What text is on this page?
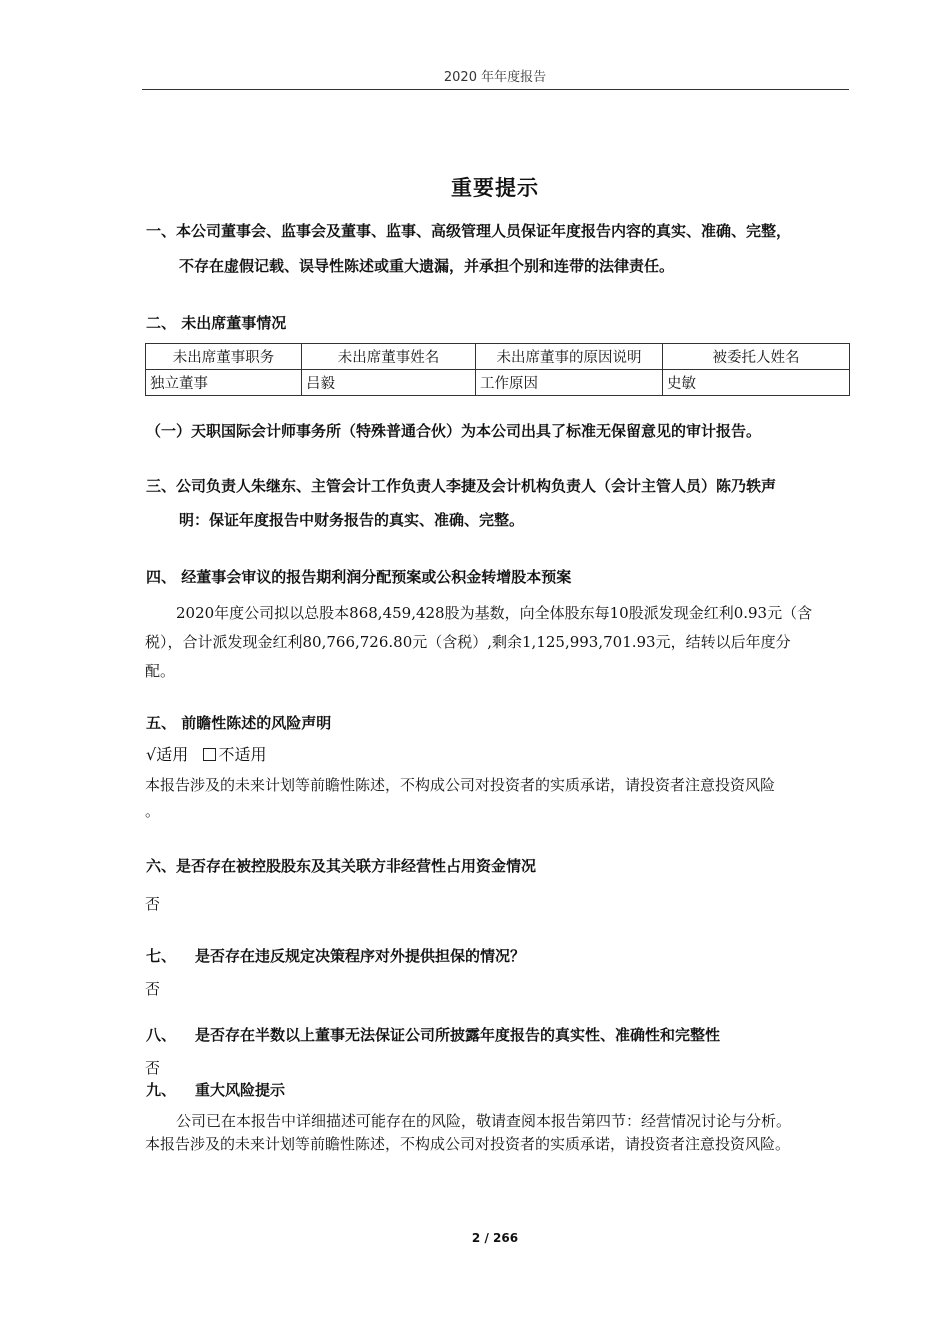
2020 年年度报告
重要提示
一、本公司董事会、监事会及董事、监事、高级管理人员保证年度报告内容的真实、准确、完整，
不存在虚假记载、误导性陈述或重大遗漏，并承担个别和连带的法律责任。
二、 未出席董事情况
未出席董事职务	未出席董事姓名	未出席董事的原因说明	被委托人姓名
独立董事	吕毅	工作原因	史敏
（一）天职国际会计师事务所（特殊普通合伙）为本公司出具了标准无保留意见的审计报告。
三、公司负责人朱继东、主管会计工作负责人李捷及会计机构负责人（会计主管人员）陈乃轶声
明：保证年度报告中财务报告的真实、准确、完整。
四、 经董事会审议的报告期利润分配预案或公积金转增股本预案
2020年度公司拟以总股本868,459,428股为基数，向全体股东每10股派发现金红利0.93元（含
税），合计派发现金红利80,766,726.80元（含税）,剩余1,125,993,701.93元，结转以后年度分
配。
五、 前瞻性陈述的风险声明
√适用 不适用
本报告涉及的未来计划等前瞻性陈述，不构成公司对投资者的实质承诺，请投资者注意投资风险
。
六、是否存在被控股股东及其关联方非经营性占用资金情况
否
七、 是否存在违反规定决策程序对外提供担保的情况？
否
八、 是否存在半数以上董事无法保证公司所披露年度报告的真实性、准确性和完整性
否
九、 重大风险提示
公司已在本报告中详细描述可能存在的风险，敬请查阅本报告第四节：经营情况讨论与分析。
本报告涉及的未来计划等前瞻性陈述，不构成公司对投资者的实质承诺，请投资者注意投资风险。
2 / 266
